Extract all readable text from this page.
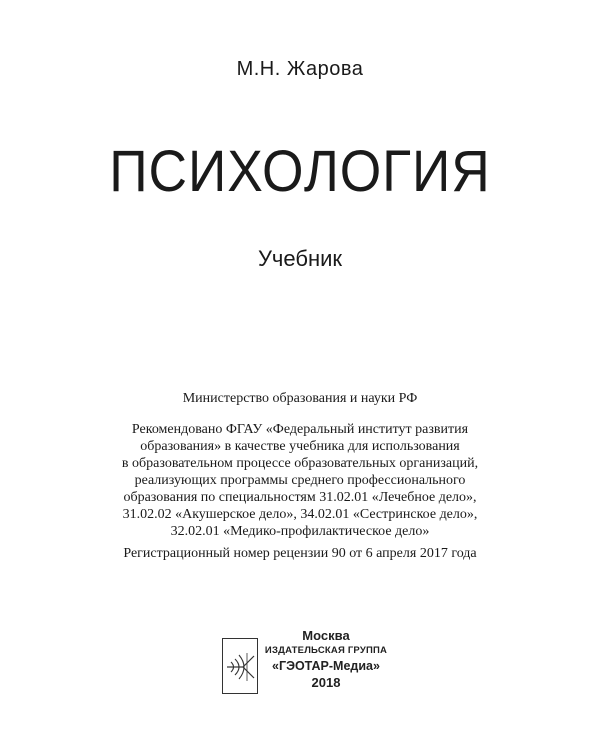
М.Н. Жарова
ПСИХОЛОГИЯ
Учебник
Министерство образования и науки РФ
Рекомендовано ФГАУ «Федеральный институт развития
образования» в качестве учебника для использования
в образовательном процессе образовательных организаций,
реализующих программы среднего профессионального
образования по специальностям 31.02.01 «Лечебное дело»,
31.02.02 «Акушерское дело», 34.02.01 «Сестринское дело»,
32.02.01 «Медико-профилактическое дело»
Регистрационный номер рецензии 90 от 6 апреля 2017 года
Москва
ИЗДАТЕЛЬСКАЯ ГРУППА
«ГЭОТАР-Медиа»
2018
